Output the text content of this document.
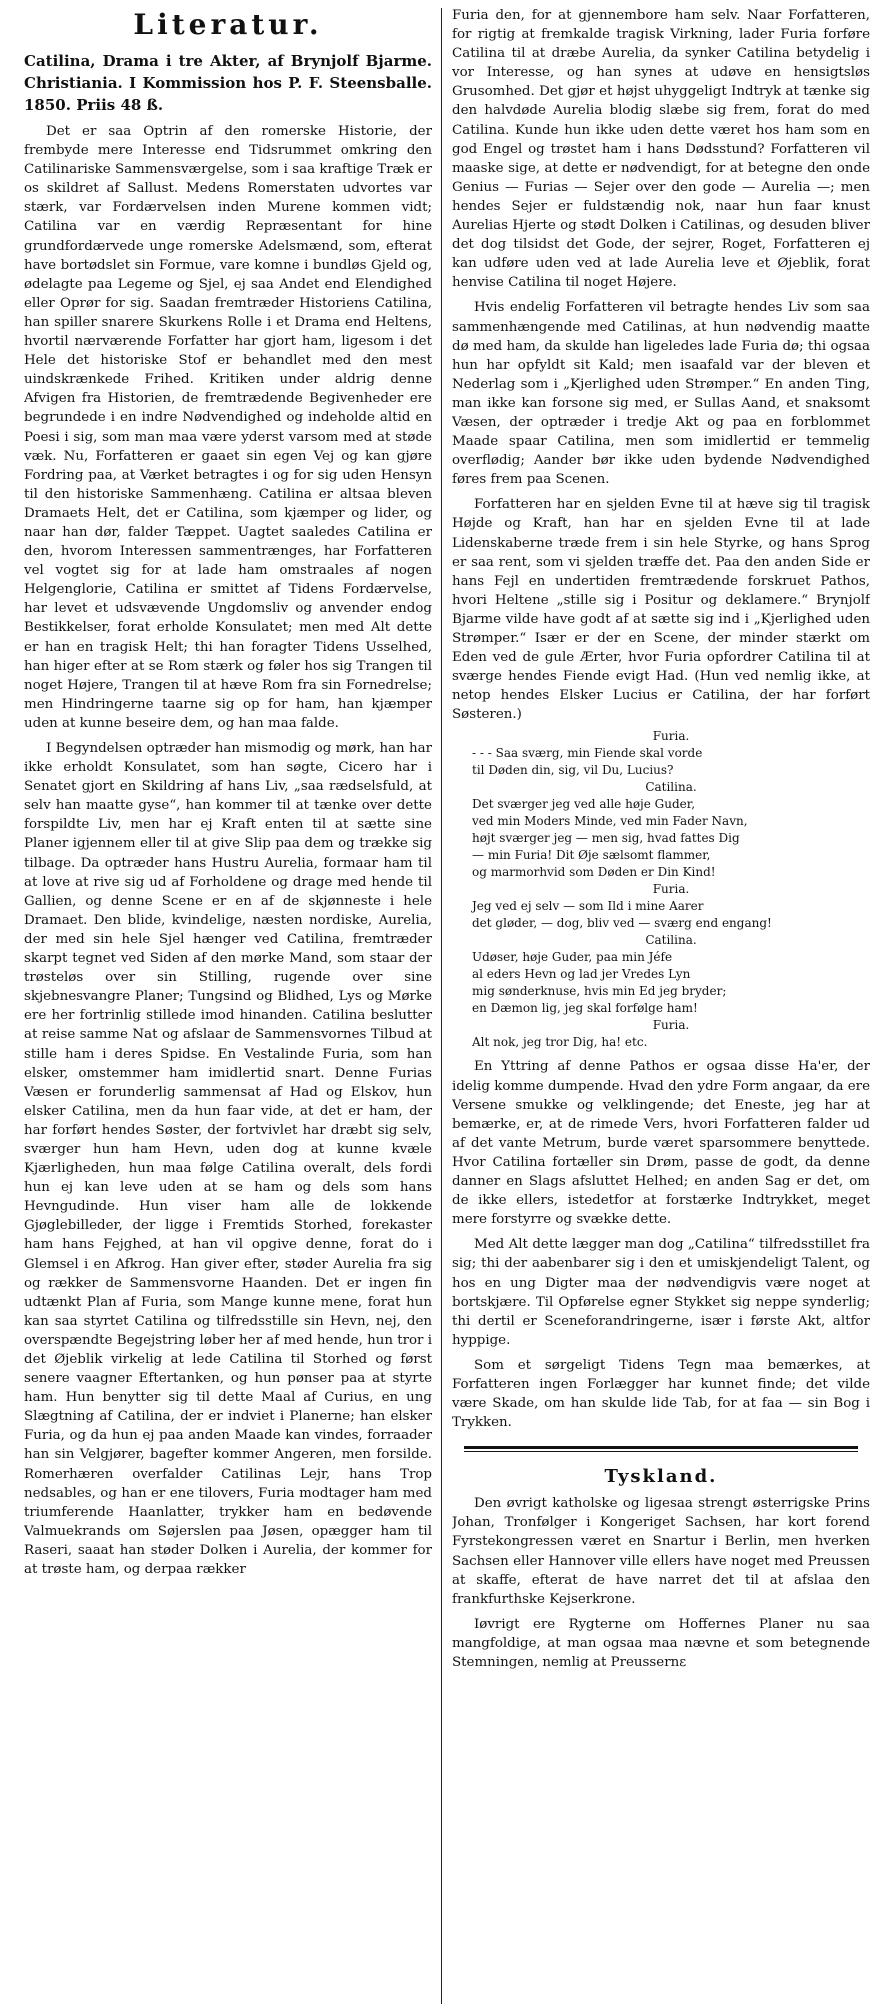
Literatur.
Catilina, Drama i tre Akter, af Brynjolf Bjarme. Christiania. I Kommission hos P. F. Steensballe. 1850. Priis 48 ß.

Det er saa Optrin af den romerske Historie, der frembyde mere Interesse end Tidsrummet omkring den Catilinariske Sammensværgelse, som i saa kraftige Træk er os skildret af Sallust. Medens Romerstaten udvortes var stærk, var Fordærvelsen inden Murene kommen vidt; Catilina var en værdig Repræsentant for hine grundfordærvede unge romerske Adelsmænd, som, efterat have bortødslet sin Formue, vare komne i bundløs Gjeld og, ødelagte paa Legeme og Sjel, ej saa Andet end Elendighed eller Oprør for sig. Saadan fremtræder Historiens Catilina, han spiller snarere Skurkens Rolle i et Drama end Heltens, hvortil nærværende Forfatter har gjort ham, ligesom i det Hele det historiske Stof er behandlet med den mest uindskrænkede Frihed. Kritiken under aldrig denne Afvigen fra Historien, de fremtrædende Begivenheder ere begrundede i en indre Nødvendighed og indeholde altid en Poesi i sig, som man maa være yderst varsom med at støde væk. Nu, Forfatteren er gaaet sin egen Vej og kan gjøre Fordring paa, at Værket betragtes i og for sig uden Hensyn til den historiske Sammenhæng. Catilina er altsaa bleven Dramaets Helt, det er Catilina, som kjæmper og lider, og naar han dør, falder Tæppet. Uagtet saaledes Catilina er den, hvorom Interessen sammentrænges, har Forfatteren vel vogtet sig for at lade ham omstraales af nogen Helgenglorie, Catilina er smittet af Tidens Fordærvelse, har levet et udsvævende Ungdomsliv og anvender endog Bestikkelser, forat erholde Konsulatet; men med Alt dette er han en tragisk Helt; thi han foragter Tidens Usselhed, han higer efter at se Rom stærk og føler hos sig Trangen til noget Højere, Trangen til at hæve Rom fra sin Fornedrelse; men Hindringerne taarne sig op for ham, han kjæmper uden at kunne beseire dem, og han maa falde.

I Begyndelsen optræder han mismodig og mørk, han har ikke erholdt Konsulatet, som han søgte, Cicero har i Senatet gjort en Skildring af hans Liv, „saa rædselsfuld, at selv han maatte gyse“, han kommer til at tænke over dette forspildte Liv, men har ej Kraft enten til at sætte sine Planer igjennem eller til at give Slip paa dem og trække sig tilbage. Da optræder hans Hustru Aurelia, formaar ham til at love at rive sig ud af Forholdene og drage med hende til Gallien, og denne Scene er en af de skjønneste i hele Dramaet. Den blide, kvindelige, næsten nordiske, Aurelia, der med sin hele Sjel hænger ved Catilina, fremtræder skarpt tegnet ved Siden af den mørke Mand, som staar der trøsteløs over sin Stilling, rugende over sine skjebnesvangre Planer; Tungsind og Blidhed, Lys og Mørke ere her fortrinlig stillede imod hinanden. Catilina beslutter at reise samme Nat og afslaar de Sammensvornes Tilbud at stille ham i deres Spidse. En Vestalinde Furia, som han elsker, omstemmer ham imidlertid snart. Denne Furias Væsen er forunderlig sammensat af Had og Elskov, hun elsker Catilina, men da hun faar vide, at det er ham, der har forført hendes Søster, der fortvivlet har dræbt sig selv, sværger hun ham Hevn, uden dog at kunne kvæle Kjærligheden, hun maa følge Catilina overalt, dels fordi hun ej kan leve uden at se ham og dels som hans Hevngudinde. Hun viser ham alle de lokkende Gjøglebilleder, der ligge i Fremtids Storhed, forekaster ham hans Fejghed, at han vil opgive denne, forat do i Glemsel i en Afkrog. Han giver efter, støder Aurelia fra sig og rækker de Sammensvorne Haanden. Det er ingen fin udtænkt Plan af Furia, som Mange kunne mene, forat hun kan saa styrtet Catilina og tilfredsstille sin Hevn, nej, den overspændte Begejstring løber her af med hende, hun tror i det Øjeblik virkelig at lede Catilina til Storhed og først senere vaagner Eftertanken, og hun pønser paa at styrte ham. Hun benytter sig til dette Maal af Curius, en ung Slægtning af Catilina, der er indviet i Planerne; han elsker Furia, og da hun ej paa anden Maade kan vindes, forraader han sin Velgjører, bagefter kommer Angeren, men forsilde. Romerhæren overfalder Catilinas Lejr, hans Trop nedsables, og han er ene tilovers, Furia modtager ham med triumferende Haanlatter, trykker ham en bedøvende Valmuekrands om Søjerslen paa Jøsen, opægger ham til Raseri, saaat han støder Dolken i Aurelia, der kommer for at trøste ham, og derpaa rækker

Furia den, for at gjennembore ham selv. Naar Forfatteren, for rigtig at fremkalde tragisk Virkning, lader Furia forføre Catilina til at dræbe Aurelia, da synker Catilina betydelig i vor Interesse, og han synes at udøve en hensigtsløs Grusomhed. Det gjør et højst uhyggeligt Indtryk at tænke sig den halvdøde Aurelia blodig slæbe sig frem, forat do med Catilina. Kunde hun ikke uden dette været hos ham som en god Engel og trøstet ham i hans Dødsstund? Forfatteren vil maaske sige, at dette er nødvendigt, for at betegne den onde Genius — Furias — Sejer over den gode — Aurelia —; men hendes Sejer er fuldstændig nok, naar hun faar knust Aurelias Hjerte og stødt Dolken i Catilinas, og desuden bliver det dog tilsidst det Gode, der sejrer, Roget, Forfatteren ej kan udføre uden ved at lade Aurelia leve et Øjeblik, forat henvise Catilina til noget Højere.

Hvis endelig Forfatteren vil betragte hendes Liv som saa sammenhængende med Catilinas, at hun nødvendig maatte dø med ham, da skulde han ligeledes lade Furia dø; thi ogsaa hun har opfyldt sit Kald; men isaafald var der bleven et Nederlag som i „Kjerlighed uden Strømper.“ En anden Ting, man ikke kan forsone sig med, er Sullas Aand, et snaksomt Væsen, der optræder i tredje Akt og paa en forblommet Maade spaar Catilina, men som imidlertid er temmelig overflødig; Aander bør ikke uden bydende Nødvendighed føres frem paa Scenen.

Forfatteren har en sjelden Evne til at hæve sig til tragisk Højde og Kraft, han har en sjelden Evne til at lade Lidenskaberne træde frem i sin hele Styrke, og hans Sprog er saa rent, som vi sjelden træffe det. Paa den anden Side er hans Fejl en undertiden fremtrædende forskruet Pathos, hvori Heltene „stille sig i Positur og deklamere.“ Brynjolf Bjarme vilde have godt af at sætte sig ind i „Kjerlighed uden Strømper.“ Især er der en Scene, der minder stærkt om Eden ved de gule Ærter, hvor Furia opfordrer Catilina til at sværge hendes Fiende evigt Had. (Hun ved nemlig ikke, at netop hendes Elsker Lucius er Catilina, der har forført Søsteren.)

Furia.
- - - Saa sværg, min Fiende skal vorde
til Døden din, sig, vil Du, Lucius?
Catilina.
Det sværger jeg ved alle høje Guder,
ved min Moders Minde, ved min Fader Navn,
højt sværger jeg — men sig, hvad fattes Dig
— min Furia! Dit Øje sælsomt flammer,
og marmorhvid som Døden er Din Kind!
Furia.
Jeg ved ej selv — som Ild i mine Aarer
det gløder, — dog, bliv ved — sværg end engang!
Catilina.
Udøser, høje Guder, paa min Jéfe
al eders Hevn og lad jer Vredes Lyn
mig sønderknuse, hvis min Ed jeg bryder;
en Dæmon lig, jeg skal forfølge ham!
Furia.
Alt nok, jeg tror Dig, ha! etc.

En Yttring af denne Pathos er ogsaa disse Ha'er, der idelig komme dumpende. Hvad den ydre Form angaar, da ere Versene smukke og velklingende; det Eneste, jeg har at bemærke, er, at de rimede Vers, hvori Forfatteren falder ud af det vante Metrum, burde været sparsommere benyttede. Hvor Catilina fortæller sin Drøm, passe de godt, da denne danner en Slags afsluttet Helhed; en anden Sag er det, om de ikke ellers, istedetfor at forstærke Indtrykket, meget mere forstyrre og svække dette.

Med Alt dette lægger man dog „Catilina“ tilfredsstillet fra sig; thi der aabenbarer sig i den et umiskjendeligt Talent, og hos en ung Digter maa der nødvendigvis være noget at bortskjære. Til Opførelse egner Stykket sig neppe synderlig; thi dertil er Sceneforandringerne, især i første Akt, altfor hyppige.

Som et sørgeligt Tidens Tegn maa bemærkes, at Forfatteren ingen Forlægger har kunnet finde; det vilde være Skade, om han skulde lide Tab, for at faa — sin Bog i Trykken.

Tyskland.

Den øvrigt katholske og ligesaa strengt østerrigske Prins Johan, Tronfølger i Kongeriget Sachsen, har kort forend Fyrstekongressen været en Snartur i Berlin, men hverken Sachsen eller Hannover ville ellers have noget med Preussen at skaffe, efterat de have narret det til at afslaa den frankfurthske Kejserkrone.

Iøvrigt ere Rygterne om Hoffernes Planer nu saa mangfoldige, at man ogsaa maa nævne et som betegnende Stemningen, nemlig at Preussernε
